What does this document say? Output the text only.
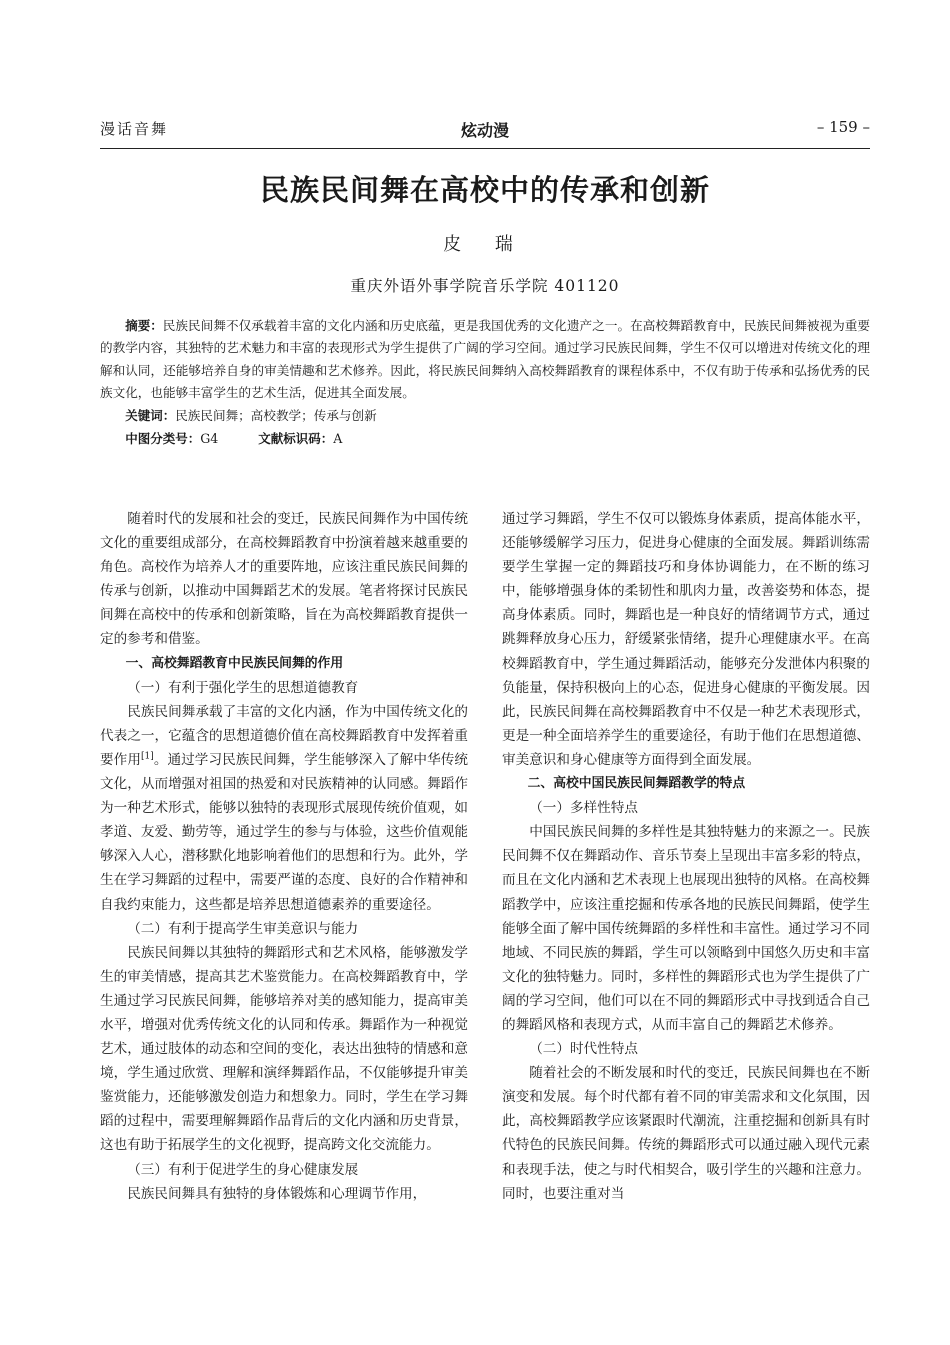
漫话音舞	炫动漫	– 159 –
民族民间舞在高校中的传承和创新
皮 瑞
重庆外语外事学院音乐学院 401120

摘要：民族民间舞不仅承载着丰富的文化内涵和历史底蕴，更是我国优秀的文化遗产之一。在高校舞蹈教育中，民族民间舞被视为重要的教学内容，其独特的艺术魅力和丰富的表现形式为学生提供了广阔的学习空间。通过学习民族民间舞，学生不仅可以增进对传统文化的理解和认同，还能够培养自身的审美情趣和艺术修养。因此，将民族民间舞纳入高校舞蹈教育的课程体系中，不仅有助于传承和弘扬优秀的民族文化，也能够丰富学生的艺术生活，促进其全面发展。

关键词：民族民间舞；高校教学；传承与创新
中图分类号：G4	文献标识码：A

随着时代的发展和社会的变迁，民族民间舞作为中国传统文化的重要组成部分，在高校舞蹈教育中扮演着越来越重要的角色。高校作为培养人才的重要阵地，应该注重民族民间舞的传承与创新，以推动中国舞蹈艺术的发展。笔者将探讨民族民间舞在高校中的传承和创新策略，旨在为高校舞蹈教育提供一定的参考和借鉴。

一、高校舞蹈教育中民族民间舞的作用

（一）有利于强化学生的思想道德教育

民族民间舞承载了丰富的文化内涵，作为中国传统文化的代表之一，它蕴含的思想道德价值在高校舞蹈教育中发挥着重要作用[1]。通过学习民族民间舞，学生能够深入了解中华传统文化，从而增强对祖国的热爱和对民族精神的认同感。舞蹈作为一种艺术形式，能够以独特的表现形式展现传统价值观，如孝道、友爱、勤劳等，通过学生的参与与体验，这些价值观能够深入人心，潜移默化地影响着他们的思想和行为。此外，学生在学习舞蹈的过程中，需要严谨的态度、良好的合作精神和自我约束能力，这些都是培养思想道德素养的重要途径。

（二）有利于提高学生审美意识与能力

民族民间舞以其独特的舞蹈形式和艺术风格，能够激发学生的审美情感，提高其艺术鉴赏能力。在高校舞蹈教育中，学生通过学习民族民间舞，能够培养对美的感知能力，提高审美水平，增强对优秀传统文化的认同和传承。舞蹈作为一种视觉艺术，通过肢体的动态和空间的变化，表达出独特的情感和意境，学生通过欣赏、理解和演绎舞蹈作品，不仅能够提升审美鉴赏能力，还能够激发创造力和想象力。同时，学生在学习舞蹈的过程中，需要理解舞蹈作品背后的文化内涵和历史背景，这也有助于拓展学生的文化视野，提高跨文化交流能力。

（三）有利于促进学生的身心健康发展

民族民间舞具有独特的身体锻炼和心理调节作用，

通过学习舞蹈，学生不仅可以锻炼身体素质，提高体能水平，还能够缓解学习压力，促进身心健康的全面发展。舞蹈训练需要学生掌握一定的舞蹈技巧和身体协调能力，在不断的练习中，能够增强身体的柔韧性和肌肉力量，改善姿势和体态，提高身体素质。同时，舞蹈也是一种良好的情绪调节方式，通过跳舞释放身心压力，舒缓紧张情绪，提升心理健康水平。在高校舞蹈教育中，学生通过舞蹈活动，能够充分发泄体内积聚的负能量，保持积极向上的心态，促进身心健康的平衡发展。因此，民族民间舞在高校舞蹈教育中不仅是一种艺术表现形式，更是一种全面培养学生的重要途径，有助于他们在思想道德、审美意识和身心健康等方面得到全面发展。

二、高校中国民族民间舞蹈教学的特点

（一）多样性特点

中国民族民间舞的多样性是其独特魅力的来源之一。民族民间舞不仅在舞蹈动作、音乐节奏上呈现出丰富多彩的特点，而且在文化内涵和艺术表现上也展现出独特的风格。在高校舞蹈教学中，应该注重挖掘和传承各地的民族民间舞蹈，使学生能够全面了解中国传统舞蹈的多样性和丰富性。通过学习不同地域、不同民族的舞蹈，学生可以领略到中国悠久历史和丰富文化的独特魅力。同时，多样性的舞蹈形式也为学生提供了广阔的学习空间，他们可以在不同的舞蹈形式中寻找到适合自己的舞蹈风格和表现方式，从而丰富自己的舞蹈艺术修养。

（二）时代性特点

随着社会的不断发展和时代的变迁，民族民间舞也在不断演变和发展。每个时代都有着不同的审美需求和文化氛围，因此，高校舞蹈教学应该紧跟时代潮流，注重挖掘和创新具有时代特色的民族民间舞。传统的舞蹈形式可以通过融入现代元素和表现手法，使之与时代相契合，吸引学生的兴趣和注意力。同时，也要注重对当
